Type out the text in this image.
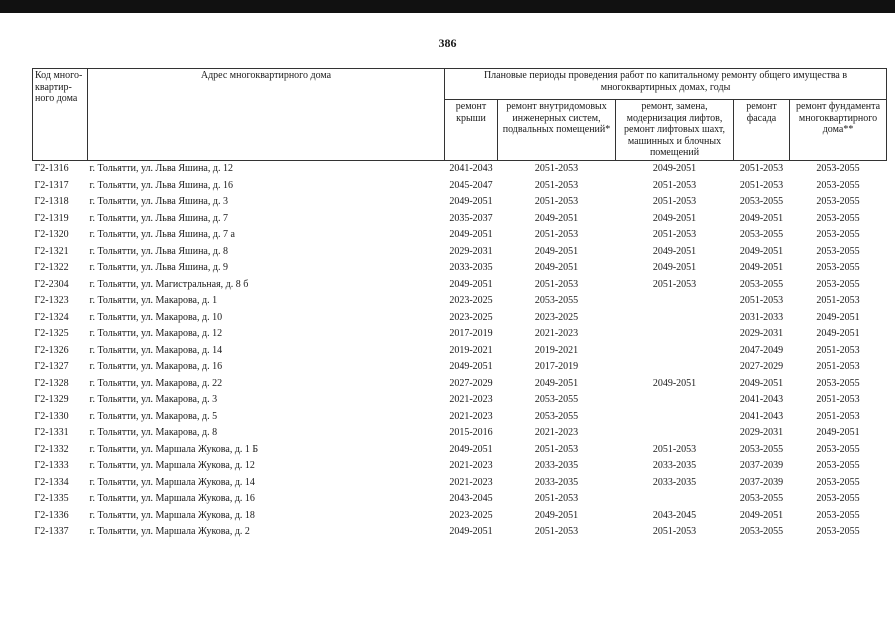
386
Код много-квартир-ного дома	Адрес многоквартирного дома	Плановые периоды проведения работ по капитальному ремонту общего имущества в многоквартирных домах, годы				
		ремонт крыши	ремонт внутридомовых инженерных систем, подвальных помещений*	ремонт, замена, модернизация лифтов, ремонт лифтовых шахт, машинных и блочных помещений	ремонт фасада	ремонт фундамента многоквартирного дома**
Г2-1316	г. Тольятти, ул. Льва Яшина, д. 12	2041-2043	2051-2053	2049-2051	2051-2053	2053-2055
Г2-1317	г. Тольятти, ул. Льва Яшина, д. 16	2045-2047	2051-2053	2051-2053	2051-2053	2053-2055
Г2-1318	г. Тольятти, ул. Льва Яшина, д. 3	2049-2051	2051-2053	2051-2053	2053-2055	2053-2055
Г2-1319	г. Тольятти, ул. Льва Яшина, д. 7	2035-2037	2049-2051	2049-2051	2049-2051	2053-2055
Г2-1320	г. Тольятти, ул. Льва Яшина, д. 7 а	2049-2051	2051-2053	2051-2053	2053-2055	2053-2055
Г2-1321	г. Тольятти, ул. Льва Яшина, д. 8	2029-2031	2049-2051	2049-2051	2049-2051	2053-2055
Г2-1322	г. Тольятти, ул. Льва Яшина, д. 9	2033-2035	2049-2051	2049-2051	2049-2051	2053-2055
Г2-2304	г. Тольятти, ул. Магистральная, д. 8 б	2049-2051	2051-2053	2051-2053	2053-2055	2053-2055
Г2-1323	г. Тольятти, ул. Макарова, д. 1	2023-2025	2053-2055		2051-2053	2051-2053
Г2-1324	г. Тольятти, ул. Макарова, д. 10	2023-2025	2023-2025		2031-2033	2049-2051
Г2-1325	г. Тольятти, ул. Макарова, д. 12	2017-2019	2021-2023		2029-2031	2049-2051
Г2-1326	г. Тольятти, ул. Макарова, д. 14	2019-2021	2019-2021		2047-2049	2051-2053
Г2-1327	г. Тольятти, ул. Макарова, д. 16	2049-2051	2017-2019		2027-2029	2051-2053
Г2-1328	г. Тольятти, ул. Макарова, д. 22	2027-2029	2049-2051	2049-2051	2049-2051	2053-2055
Г2-1329	г. Тольятти, ул. Макарова, д. 3	2021-2023	2053-2055		2041-2043	2051-2053
Г2-1330	г. Тольятти, ул. Макарова, д. 5	2021-2023	2053-2055		2041-2043	2051-2053
Г2-1331	г. Тольятти, ул. Макарова, д. 8	2015-2016	2021-2023		2029-2031	2049-2051
Г2-1332	г. Тольятти, ул. Маршала Жукова, д. 1 Б	2049-2051	2051-2053	2051-2053	2053-2055	2053-2055
Г2-1333	г. Тольятти, ул. Маршала Жукова, д. 12	2021-2023	2033-2035	2033-2035	2037-2039	2053-2055
Г2-1334	г. Тольятти, ул. Маршала Жукова, д. 14	2021-2023	2033-2035	2033-2035	2037-2039	2053-2055
Г2-1335	г. Тольятти, ул. Маршала Жукова, д. 16	2043-2045	2051-2053		2053-2055	2053-2055
Г2-1336	г. Тольятти, ул. Маршала Жукова, д. 18	2023-2025	2049-2051	2043-2045	2049-2051	2053-2055
Г2-1337	г. Тольятти, ул. Маршала Жукова, д. 2	2049-2051	2051-2053	2051-2053	2053-2055	2053-2055
